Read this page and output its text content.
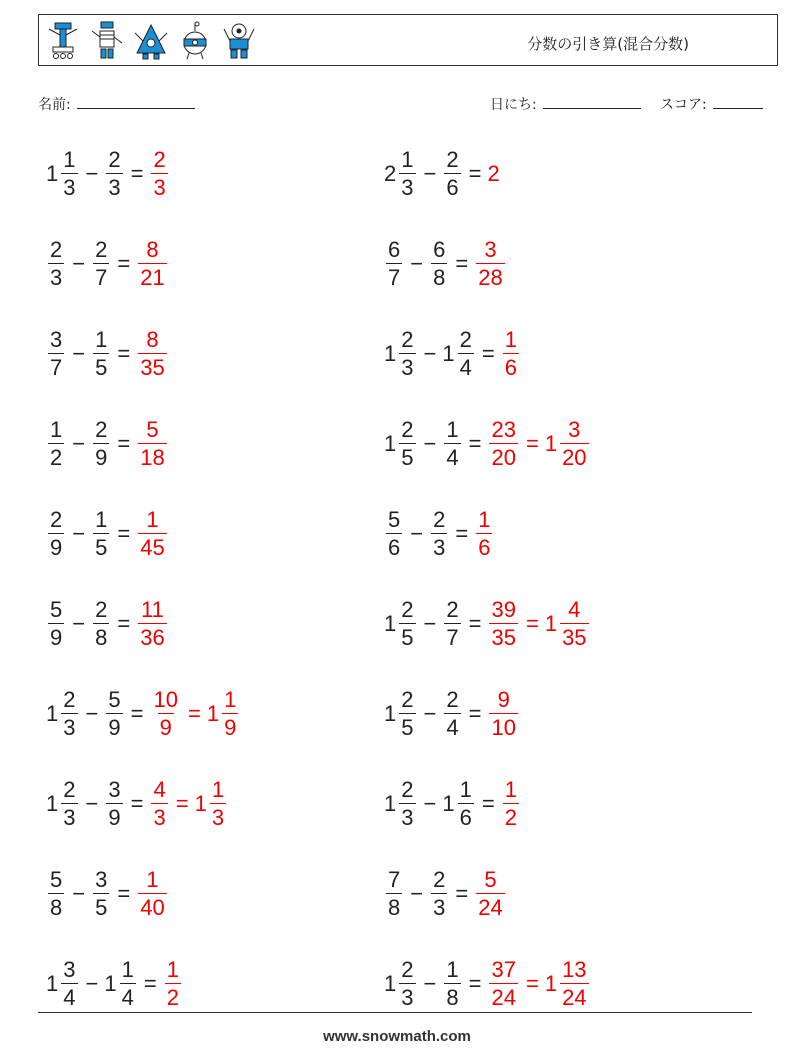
分数の引き算(混合分数)
名前:	日にち:	スコア:
$1 \frac{1}{3} - \frac{2}{3} = \frac{2}{3}$	$2 \frac{1}{3} - \frac{2}{6} = 2$
$\frac{2}{3} - \frac{2}{7} = \frac{8}{21}$	$\frac{6}{7} - \frac{6}{8} = \frac{3}{28}$
$\frac{3}{7} - \frac{1}{5} = \frac{8}{35}$	$1 \frac{2}{3} - 1 \frac{2}{4} = \frac{1}{6}$
$\frac{1}{2} - \frac{2}{9} = \frac{5}{18}$	$1 \frac{2}{5} - \frac{1}{4} = \frac{23}{20} = 1 \frac{3}{20}$
$\frac{2}{9} - \frac{1}{5} = \frac{1}{45}$	$\frac{5}{6} - \frac{2}{3} = \frac{1}{6}$
$\frac{5}{9} - \frac{2}{8} = \frac{11}{36}$	$1 \frac{2}{5} - \frac{2}{7} = \frac{39}{35} = 1 \frac{4}{35}$
$1 \frac{2}{3} - \frac{5}{9} = \frac{10}{9} = 1 \frac{1}{9}$	$1 \frac{2}{5} - \frac{2}{4} = \frac{9}{10}$
$1 \frac{2}{3} - \frac{3}{9} = \frac{4}{3} = 1 \frac{1}{3}$	$1 \frac{2}{3} - 1 \frac{1}{6} = \frac{1}{2}$
$\frac{5}{8} - \frac{3}{5} = \frac{1}{40}$	$\frac{7}{8} - \frac{2}{3} = \frac{5}{24}$
$1 \frac{3}{4} - 1 \frac{1}{4} = \frac{1}{2}$	$1 \frac{2}{3} - \frac{1}{8} = \frac{37}{24} = 1 \frac{13}{24}$
www.snowmath.com
